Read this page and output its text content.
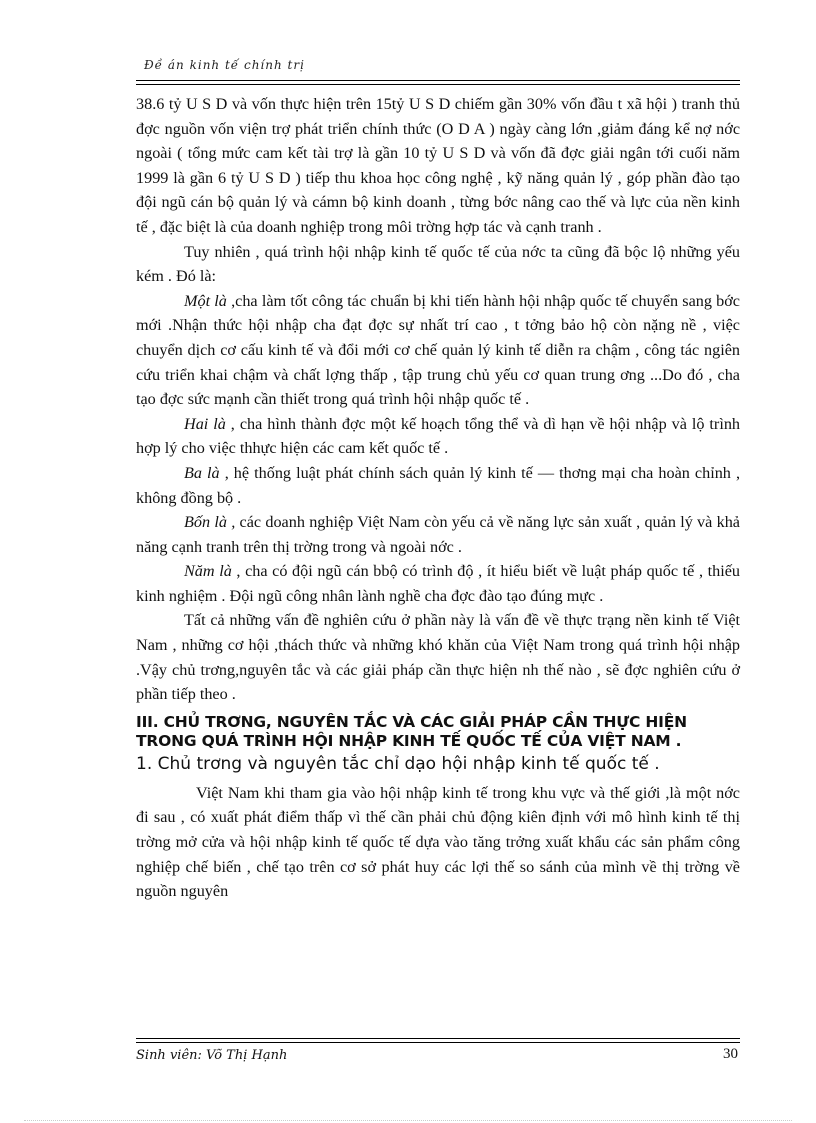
Đề án kinh tế chính trị

38.6 tỷ U S D và vốn thực hiện trên 15tỷ U S D chiếm gần 30% vốn đầu t xã hội ) tranh thủ đợc nguồn vốn viện trợ phát triển chính thức (O D A ) ngày càng lớn ,giảm đáng kể nợ nớc ngoài ( tổng mức cam kết tài trợ là gần 10 tỷ U S D và vốn đã đợc giải ngân tới cuối năm 1999 là gần 6 tỷ U S D ) tiếp thu khoa học công nghệ , kỹ năng quản lý , góp phần đào tạo đội ngũ cán bộ quản lý và cámn bộ kinh doanh , từng bớc nâng cao thế và lực của nền kinh tế , đặc biệt là của doanh nghiệp trong môi trờng hợp tác và cạnh tranh .

Tuy nhiên , quá trình hội nhập kinh tế quốc tế của nớc ta cũng đã bộc lộ những yếu kém . Đó là:

Một là ,cha làm tốt công tác chuẩn bị khi tiến hành hội nhập quốc tế chuyển sang bớc mới .Nhận thức hội nhập cha đạt đợc sự nhất trí cao , t tởng bảo hộ còn nặng nề , việc chuyển dịch cơ cấu kinh tế và đổi mới cơ chế quản lý kinh tế diễn ra chậm , công tác ngiên cứu triển khai chậm và chất lợng thấp , tập trung chủ yếu cơ quan trung ơng ...Do đó , cha tạo đợc sức mạnh cần thiết trong quá trình hội nhập quốc tế .

Hai là , cha hình thành đợc một kế hoạch tổng thể và dì hạn về hội nhập và lộ trình hợp lý cho việc thhực hiện các cam kết quốc tế .

Ba là , hệ thống luật phát chính sách quản lý kinh tế — thơng mại cha hoàn chỉnh , không đồng bộ .

Bốn là , các doanh nghiệp Việt Nam còn yếu cả về năng lực sản xuất , quản lý và khả năng cạnh tranh trên thị trờng trong và ngoài nớc .

Năm là , cha có đội ngũ cán bbộ có trình độ , ít hiểu biết về luật pháp quốc tế , thiếu kinh nghiệm . Đội ngũ công nhân lành nghề cha đợc đào tạo đúng mực .

Tất cả những vấn đề nghiên cứu ở phần này là vấn đề về thực trạng nền kinh tế Việt Nam , những cơ hội ,thách thức và những khó khăn của Việt Nam trong quá trình hội nhập .Vậy chủ trơng,nguyên tắc và các giải pháp cần thực hiện nh thế nào , sẽ đợc nghiên cứu ở phần tiếp theo .

III. CHỦ TRƠNG, NGUYÊN TẮC VÀ CÁC GIẢI PHÁP CẦN THỰC HIỆN TRONG QUÁ TRÌNH HỘI NHẬP KINH TẾ QUỐC TẾ CỦA VIỆT NAM .
1. Chủ trơng và nguyên tắc chỉ dạo hội nhập kinh tế quốc tế .

Việt Nam khi tham gia vào hội nhập kinh tế trong khu vực và thế giới ,là một nớc đi sau , có xuất phát điểm thấp vì thế cần phải chủ động kiên định với mô hình kinh tế thị trờng mở cửa và hội nhập kinh tế quốc tế dựa vào tăng trởng xuất khẩu các sản phẩm công nghiệp chế biến , chế tạo trên cơ sở phát huy các lợi thế so sánh của mình về thị trờng về nguồn nguyên

Sinh viên: Võ Thị Hạnh	30
